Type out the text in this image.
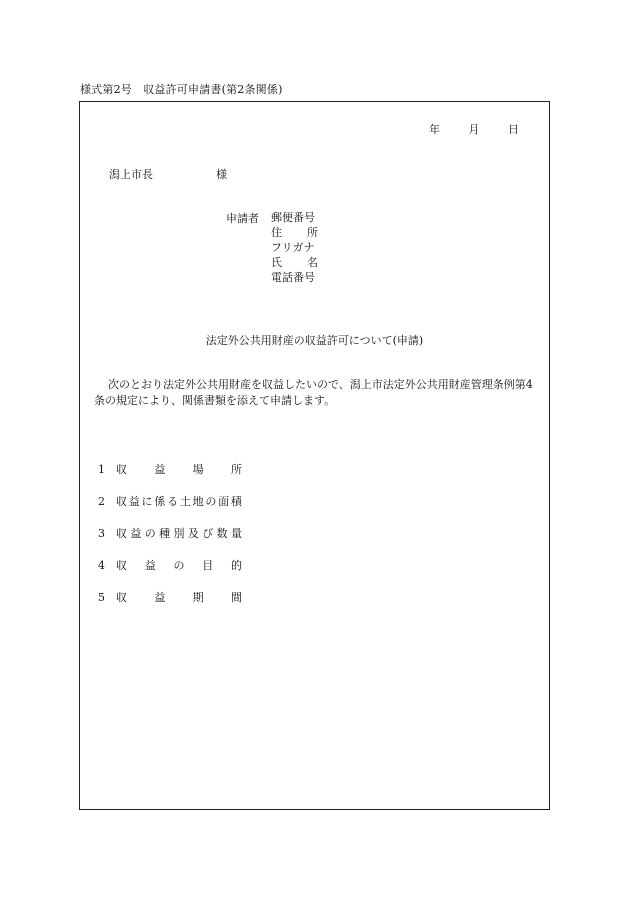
様式第2号　収益許可申請書(第2条関係)
年	月	日
潟上市長	様
申請者 郵便番号
住 所
フリガナ
氏 名
電話番号
法定外公共用財産の収益許可について(申請)
次のとおり法定外公共用財産を収益したいので、潟上市法定外公共用財産管理条例第4条の規定により、関係書類を添えて申請します。
1	収 益 場 所
2	収 益 に 係 る 土 地 の 面 積
3	収 益 の 種 別 及 び 数 量
4	収 益 の 目 的
5	収 益 期 間
